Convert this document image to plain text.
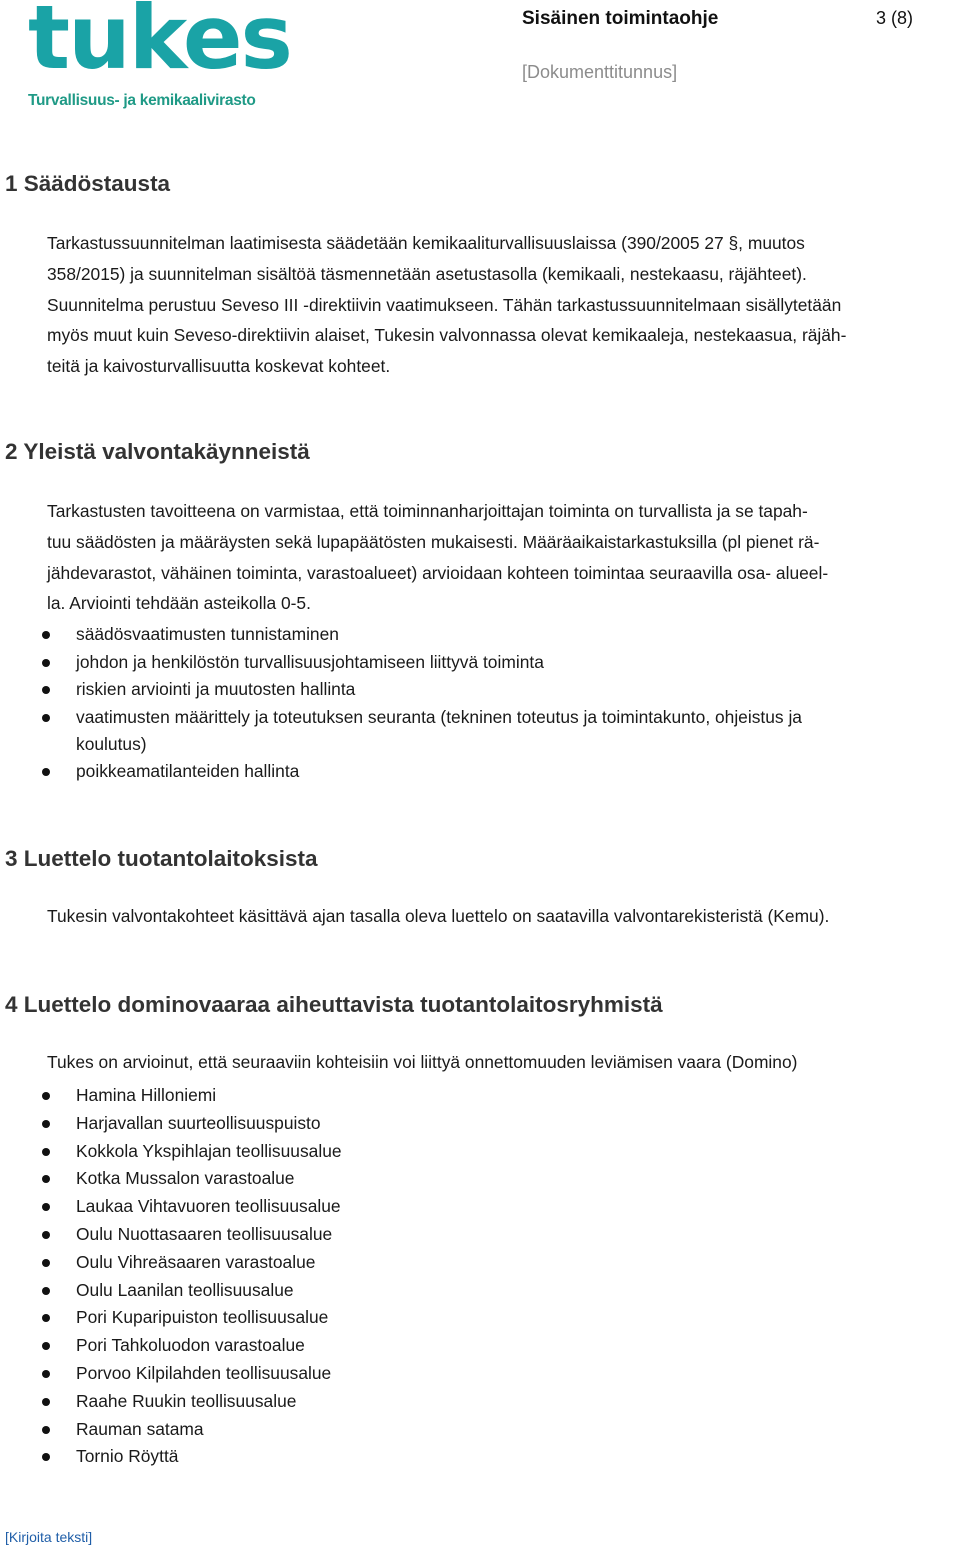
tukes
Turvallisuus- ja kemikaalivirasto
Sisäinen toimintaohje	3 (8)
[Dokumenttitunnus]
1 Säädöstausta
Tarkastussuunnitelman laatimisesta säädetään kemikaaliturvallisuuslaissa (390/2005 27 §, muutos
358/2015) ja suunnitelman sisältöä täsmennetään asetustasolla (kemikaali, nestekaasu, räjähteet).
Suunnitelma perustuu Seveso III -direktiivin vaatimukseen. Tähän tarkastussuunnitelmaan sisällytetään
myös muut kuin Seveso-direktiivin alaiset, Tukesin valvonnassa olevat kemikaaleja, nestekaasua, räjäh-
teitä ja kaivosturvallisuutta koskevat kohteet.
2 Yleistä valvontakäynneistä
Tarkastusten tavoitteena on varmistaa, että toiminnanharjoittajan toiminta on turvallista ja se tapah-
tuu säädösten ja määräysten sekä lupapäätösten mukaisesti. Määräaikaistarkastuksilla (pl pienet rä-
jähdevarastot, vähäinen toiminta, varastoalueet) arvioidaan kohteen toimintaa seuraavilla osa- alueel-
la. Arviointi tehdään asteikolla 0-5.
säädösvaatimusten tunnistaminen
johdon ja henkilöstön turvallisuusjohtamiseen liittyvä toiminta
riskien arviointi ja muutosten hallinta
vaatimusten määrittely ja toteutuksen seuranta (tekninen toteutus ja toimintakunto, ohjeistus ja
koulutus)
poikkeamatilanteiden hallinta
3 Luettelo tuotantolaitoksista
Tukesin valvontakohteet käsittävä ajan tasalla oleva luettelo on saatavilla valvontarekisteristä (Kemu).
4 Luettelo dominovaaraa aiheuttavista tuotantolaitosryhmistä
Tukes on arvioinut, että seuraaviin kohteisiin voi liittyä onnettomuuden leviämisen vaara (Domino)
Hamina Hilloniemi
Harjavallan suurteollisuuspuisto
Kokkola Ykspihlajan teollisuusalue
Kotka Mussalon varastoalue
Laukaa Vihtavuoren teollisuusalue
Oulu Nuottasaaren teollisuusalue
Oulu Vihreäsaaren varastoalue
Oulu Laanilan teollisuusalue
Pori Kuparipuiston teollisuusalue
Pori Tahkoluodon varastoalue
Porvoo Kilpilahden teollisuusalue
Raahe Ruukin teollisuusalue
Rauman satama
Tornio Röyttä
[Kirjoita teksti]
